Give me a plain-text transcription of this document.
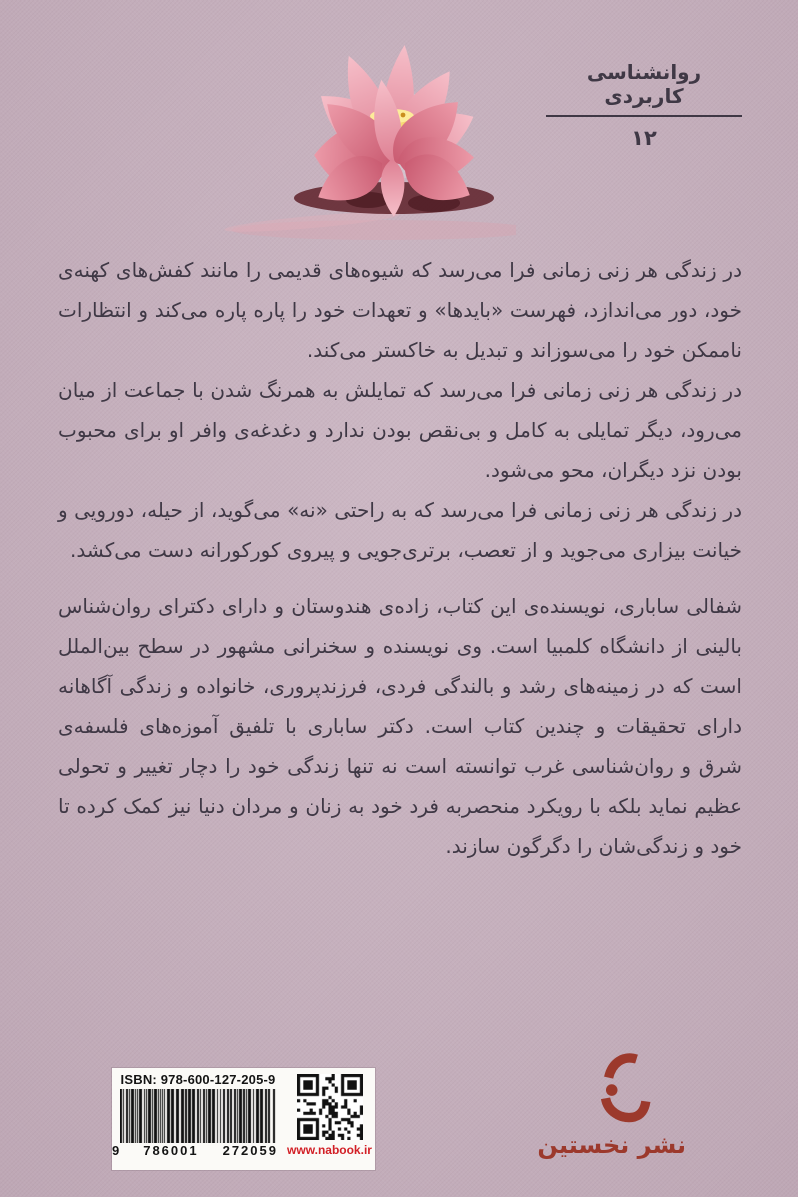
روانشناسی کاربردی
۱۲

در زندگی هر زنی زمانی فرا می‌رسد که شیوه‌های قدیمی را مانند کفش‌های کهنه‌ی خود، دور می‌اندازد، فهرست «بایدها» و تعهدات خود را پاره پاره می‌کند و انتظارات ناممکن خود را می‌سوزاند و تبدیل به خاکستر می‌کند.

در زندگی هر زنی زمانی فرا می‌رسد که تمایلش به همرنگ شدن با جماعت از میان می‌رود، دیگر تمایلی به کامل و بی‌نقص بودن ندارد و دغدغه‌ی وافر او برای محبوب بودن نزد دیگران، محو می‌شود.

در زندگی هر زنی زمانی فرا می‌رسد که به راحتی «نه» می‌گوید، از حیله، دورویی و خیانت بیزاری می‌جوید و از تعصب، برتری‌جویی و پیروی کورکورانه دست می‌کشد.

شفالی ساباری، نویسنده‌ی این کتاب، زاده‌ی هندوستان و دارای دکترای روان‌شناس بالینی از دانشگاه کلمبیا است. وی نویسنده و سخنرانی مشهور در سطح بین‌الملل است که در زمینه‌های رشد و بالندگی فردی، فرزندپروری، خانواده و زندگی آگاهانه دارای تحقیقات و چندین کتاب است. دکتر ساباری با تلفیق آموزه‌های فلسفه‌ی شرق و روان‌شناسی غرب توانسته است نه تنها زندگی خود را دچار تغییر و تحولی عظیم نماید بلکه با رویکرد منحصربه فرد خود به زنان و مردان دنیا نیز کمک کرده تا خود و زندگی‌شان را دگرگون سازند.

ISBN: 978-600-127-205-9
9 786001 272059 www.nabook.ir	نشر نخستین
